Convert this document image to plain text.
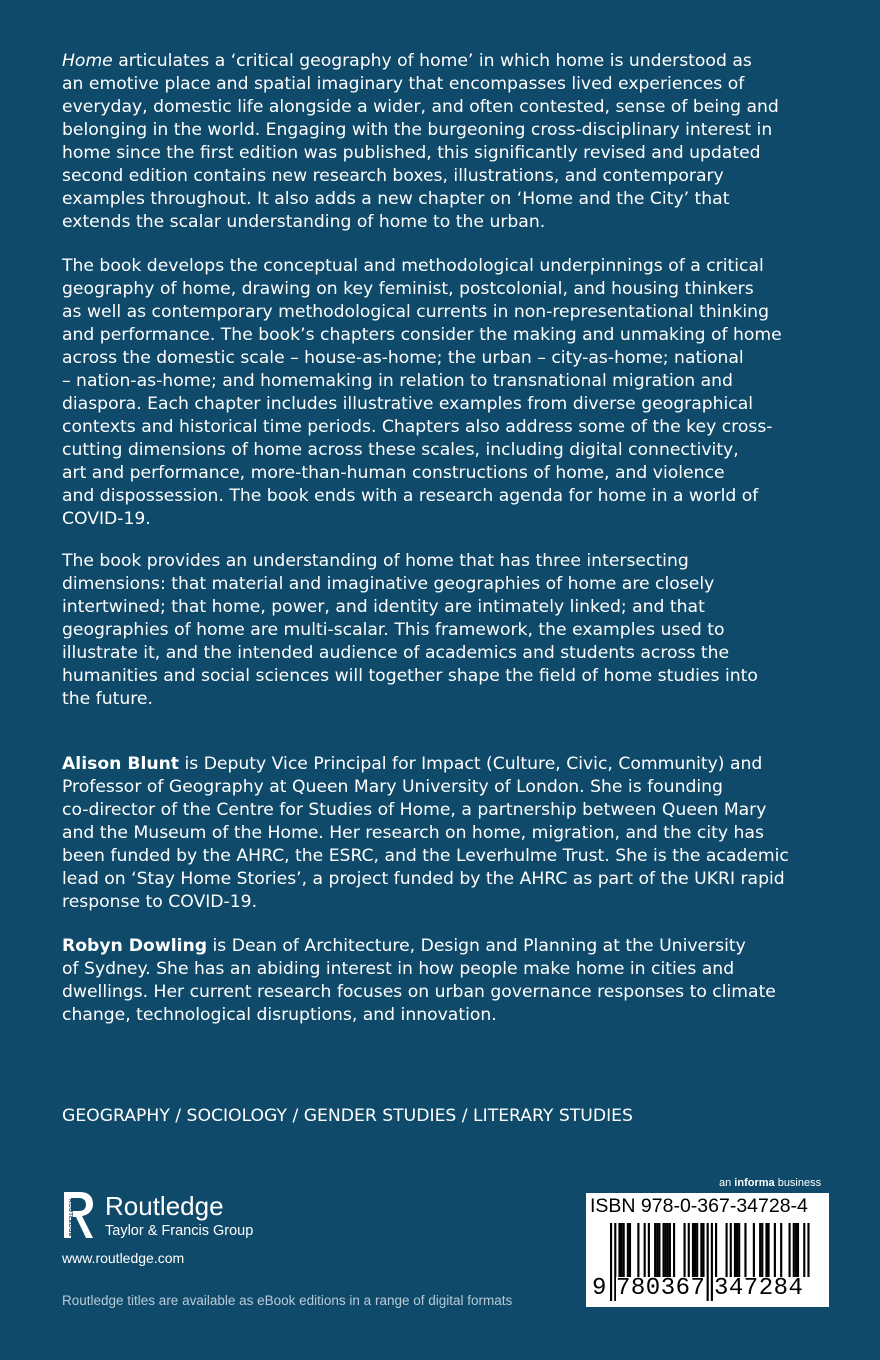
Home articulates a ‘critical geography of home’ in which home is understood as
an emotive place and spatial imaginary that encompasses lived experiences of
everyday, domestic life alongside a wider, and often contested, sense of being and
belonging in the world. Engaging with the burgeoning cross-disciplinary interest in
home since the first edition was published, this significantly revised and updated
second edition contains new research boxes, illustrations, and contemporary
examples throughout. It also adds a new chapter on ‘Home and the City’ that
extends the scalar understanding of home to the urban.
The book develops the conceptual and methodological underpinnings of a critical
geography of home, drawing on key feminist, postcolonial, and housing thinkers
as well as contemporary methodological currents in non-representational thinking
and performance. The book’s chapters consider the making and unmaking of home
across the domestic scale – house-as-home; the urban – city-as-home; national
– nation-as-home; and homemaking in relation to transnational migration and
diaspora. Each chapter includes illustrative examples from diverse geographical
contexts and historical time periods. Chapters also address some of the key cross-
cutting dimensions of home across these scales, including digital connectivity,
art and performance, more-than-human constructions of home, and violence
and dispossession. The book ends with a research agenda for home in a world of
COVID-19.
The book provides an understanding of home that has three intersecting
dimensions: that material and imaginative geographies of home are closely
intertwined; that home, power, and identity are intimately linked; and that
geographies of home are multi-scalar. This framework, the examples used to
illustrate it, and the intended audience of academics and students across the
humanities and social sciences will together shape the field of home studies into
the future.
Alison Blunt is Deputy Vice Principal for Impact (Culture, Civic, Community) and
Professor of Geography at Queen Mary University of London. She is founding
co-director of the Centre for Studies of Home, a partnership between Queen Mary
and the Museum of the Home. Her research on home, migration, and the city has
been funded by the AHRC, the ESRC, and the Leverhulme Trust. She is the academic
lead on ‘Stay Home Stories’, a project funded by the AHRC as part of the UKRI rapid
response to COVID-19.
Robyn Dowling is Dean of Architecture, Design and Planning at the University
of Sydney. She has an abiding interest in how people make home in cities and
dwellings. Her current research focuses on urban governance responses to climate
change, technological disruptions, and innovation.
GEOGRAPHY / SOCIOLOGY / GENDER STUDIES / LITERARY STUDIES
ROUTLEDGE Routledge
Taylor & Francis Group
www.routledge.com
Routledge titles are available as eBook editions in a range of digital formats
an informa business
ISBN 978-0-367-34728-4
9 780367 347284
